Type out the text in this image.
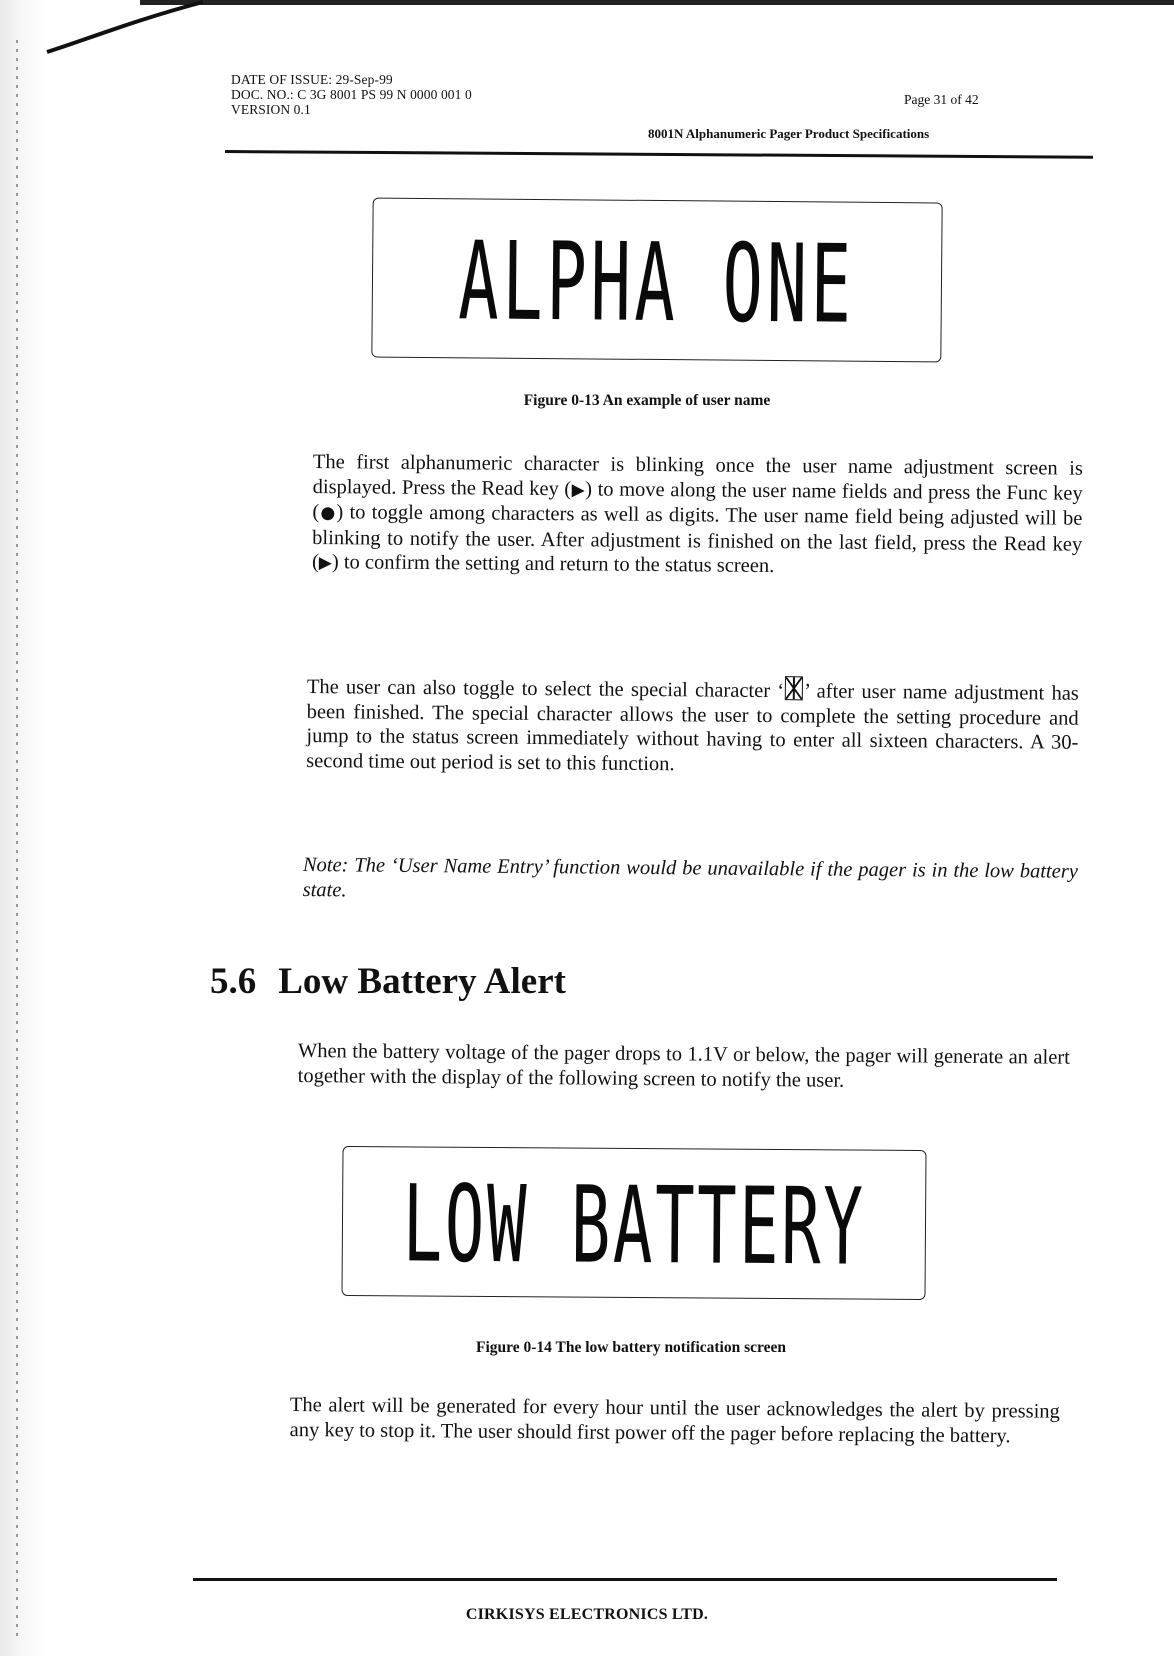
DATE OF ISSUE: 29-Sep-99
DOC. NO.: C 3G 8001 PS 99 N 0000 001 0
VERSION 0.1
Page 31 of 42
8001N Alphanumeric Pager Product Specifications
ALPHA ONE
Figure 0-13 An example of user name
The first alphanumeric character is blinking once the user name adjustment screen is displayed. Press the Read key (▶) to move along the user name fields and press the Func key (●) to toggle among characters as well as digits. The user name field being adjusted will be blinking to notify the user. After adjustment is finished on the last field, press the Read key (▶) to confirm the setting and return to the status screen.
The user can also toggle to select the special character ‘ ’ after user name adjustment has been finished. The special character allows the user to complete the setting procedure and jump to the status screen immediately without having to enter all sixteen characters. A 30-second time out period is set to this function.
Note: The ‘User Name Entry’ function would be unavailable if the pager is in the low battery state.
5.6 Low Battery Alert
When the battery voltage of the pager drops to 1.1V or below, the pager will generate an alert together with the display of the following screen to notify the user.
LOW BATTERY
Figure 0-14 The low battery notification screen
The alert will be generated for every hour until the user acknowledges the alert by pressing any key to stop it. The user should first power off the pager before replacing the battery.
CIRKISYS ELECTRONICS LTD.
